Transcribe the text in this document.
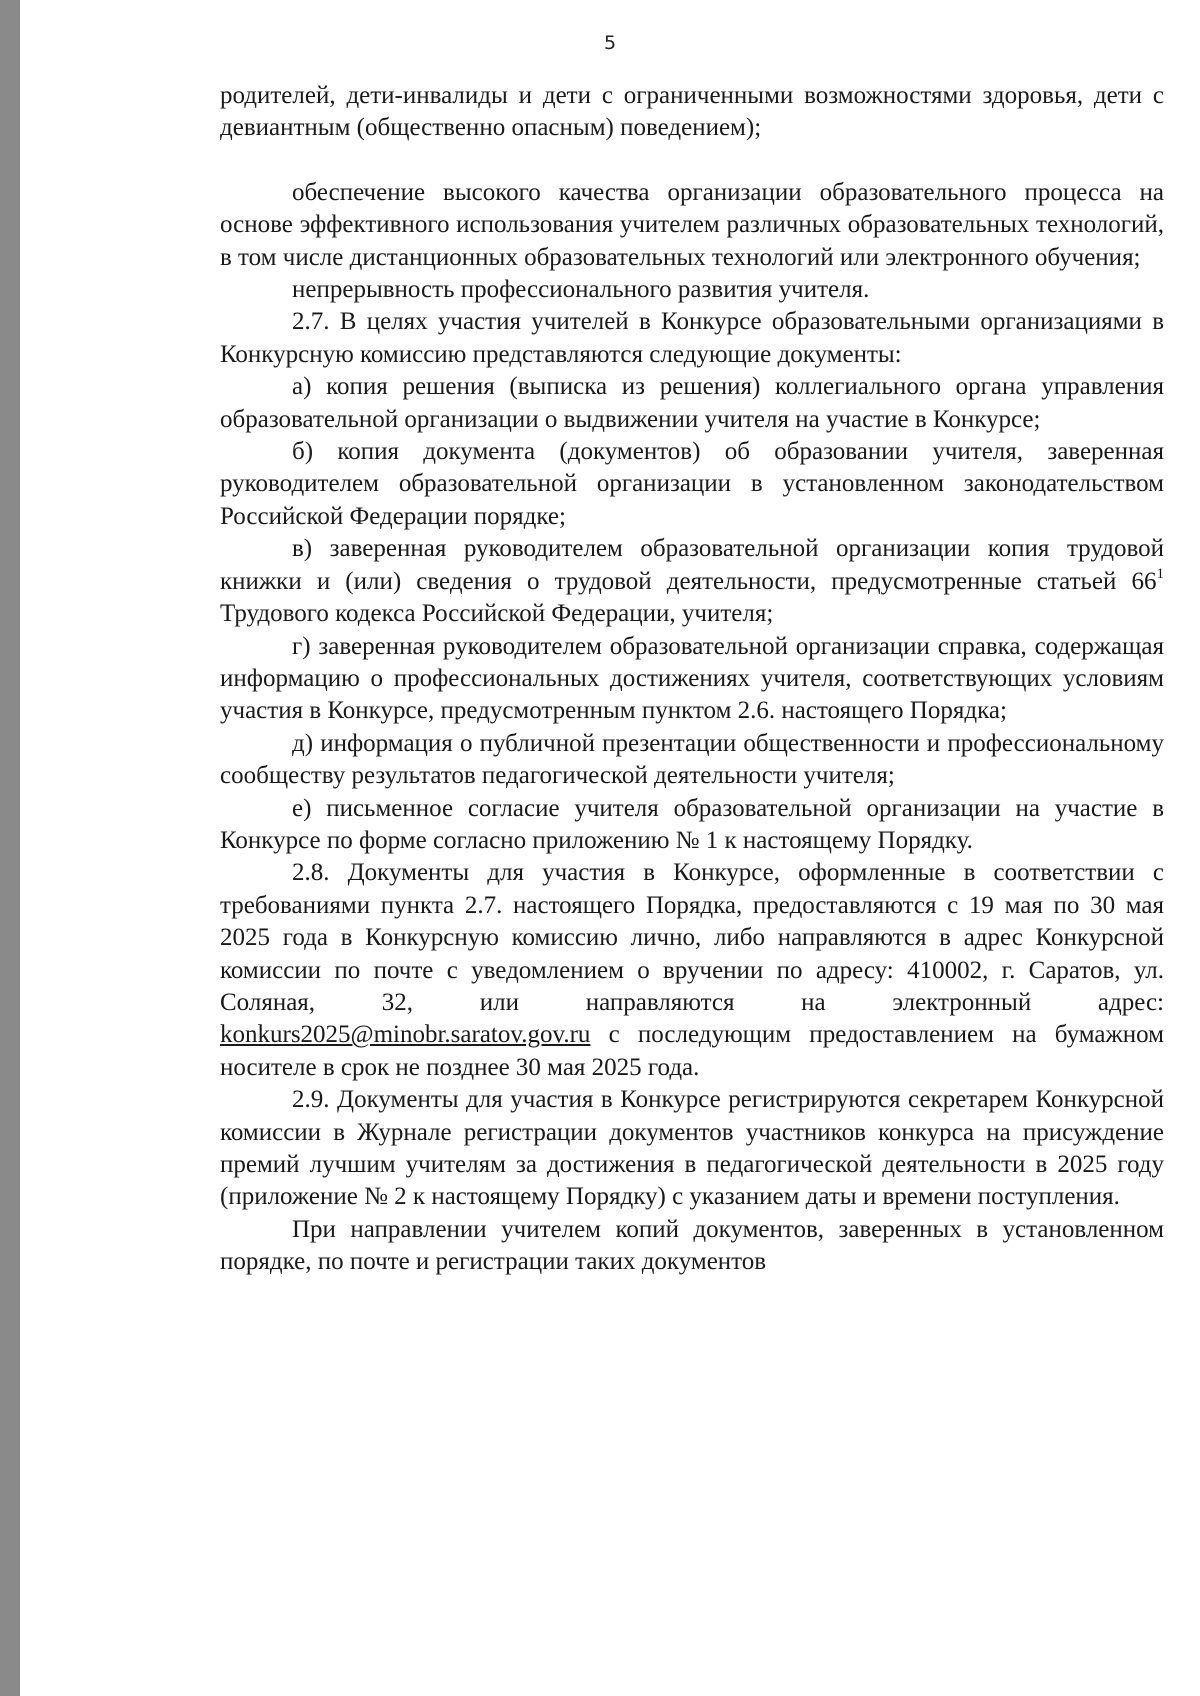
5

родителей, дети-инвалиды и дети с ограниченными возможностями здоровья, дети с девиантным (общественно опасным) поведением);

обеспечение высокого качества организации образовательного процесса на основе эффективного использования учителем различных образовательных технологий, в том числе дистанционных образовательных технологий или электронного обучения;

непрерывность профессионального развития учителя.

2.7. В целях участия учителей в Конкурсе образовательными организациями в Конкурсную комиссию представляются следующие документы:

а) копия решения (выписка из решения) коллегиального органа управления образовательной организации о выдвижении учителя на участие в Конкурсе;

б) копия документа (документов) об образовании учителя, заверенная руководителем образовательной организации в установленном законодательством Российской Федерации порядке;

в) заверенная руководителем образовательной организации копия трудовой книжки и (или) сведения о трудовой деятельности, предусмотренные статьей $66^1$ Трудового кодекса Российской Федерации, учителя;

г) заверенная руководителем образовательной организации справка, содержащая информацию о профессиональных достижениях учителя, соответствующих условиям участия в Конкурсе, предусмотренным пунктом 2.6. настоящего Порядка;

д) информация о публичной презентации общественности и профессиональному сообществу результатов педагогической деятельности учителя;

е) письменное согласие учителя образовательной организации на участие в Конкурсе по форме согласно приложению № 1 к настоящему Порядку.

2.8. Документы для участия в Конкурсе, оформленные в соответствии с требованиями пункта 2.7. настоящего Порядка, предоставляются с 19 мая по 30 мая 2025 года в Конкурсную комиссию лично, либо направляются в адрес Конкурсной комиссии по почте с уведомлением о вручении по адресу: 410002, г. Саратов, ул. Соляная, 32, или направляются на электронный адрес: konkurs2025@minobr.saratov.gov.ru с последующим предоставлением на бумажном носителе в срок не позднее 30 мая 2025 года.

2.9. Документы для участия в Конкурсе регистрируются секретарем Конкурсной комиссии в Журнале регистрации документов участников конкурса на присуждение премий лучшим учителям за достижения в педагогической деятельности в 2025 году (приложение № 2 к настоящему Порядку) с указанием даты и времени поступления.

При направлении учителем копий документов, заверенных в установленном порядке, по почте и регистрации таких документов
